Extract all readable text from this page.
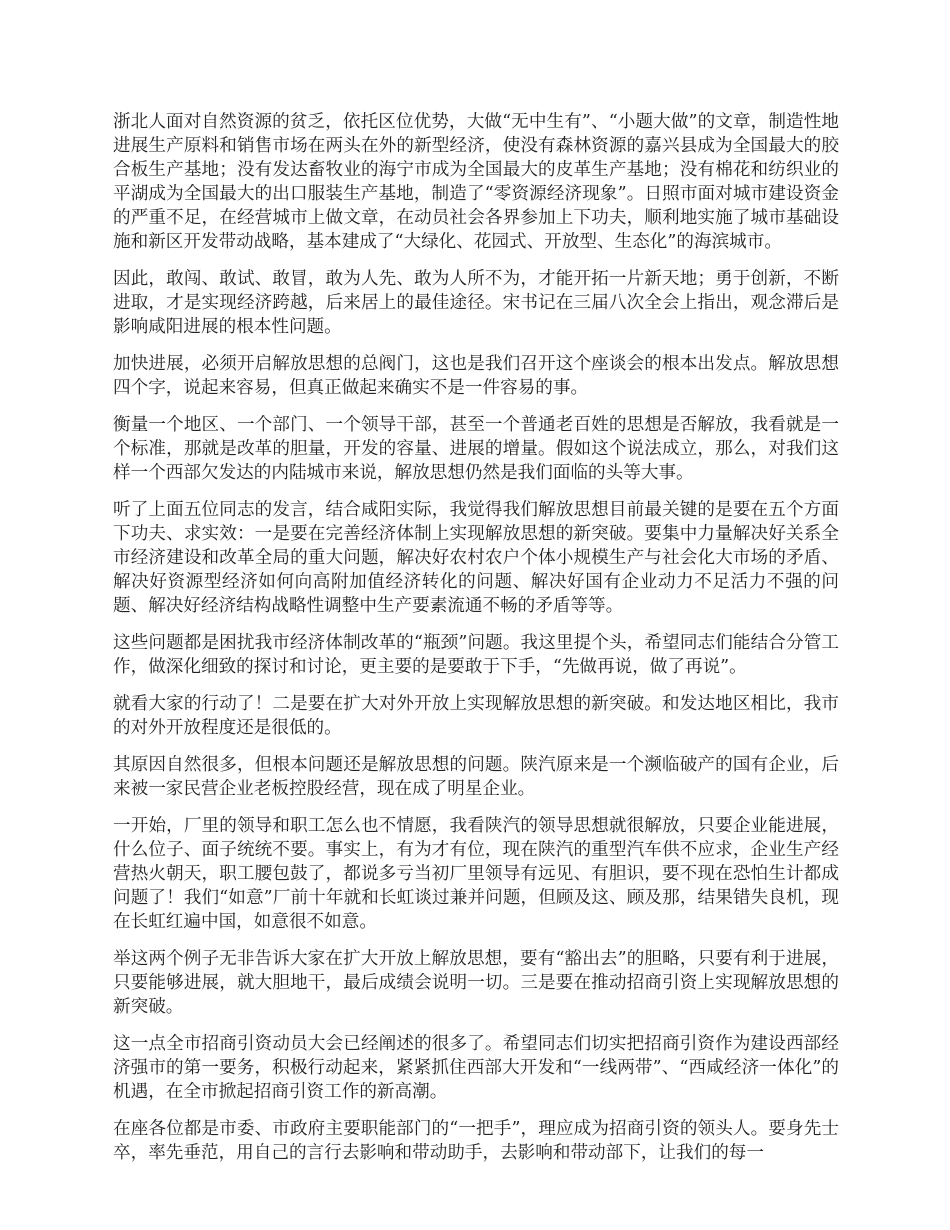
浙北人面对自然资源的贫乏，依托区位优势，大做“无中生有”、“小题大做”的文章，制造性地进展生产原料和销售市场在两头在外的新型经济，使没有森林资源的嘉兴县成为全国最大的胶合板生产基地；没有发达畜牧业的海宁市成为全国最大的皮革生产基地；没有棉花和纺织业的平湖成为全国最大的出口服装生产基地，制造了“零资源经济现象”。日照市面对城市建设资金的严重不足，在经营城市上做文章，在动员社会各界参加上下功夫，顺利地实施了城市基础设施和新区开发带动战略，基本建成了“大绿化、花园式、开放型、生态化”的海滨城市。

因此，敢闯、敢试、敢冒，敢为人先、敢为人所不为，才能开拓一片新天地；勇于创新，不断进取，才是实现经济跨越，后来居上的最佳途径。宋书记在三届八次全会上指出，观念滞后是影响咸阳进展的根本性问题。

加快进展，必须开启解放思想的总阀门，这也是我们召开这个座谈会的根本出发点。解放思想四个字，说起来容易，但真正做起来确实不是一件容易的事。

衡量一个地区、一个部门、一个领导干部，甚至一个普通老百姓的思想是否解放，我看就是一个标准，那就是改革的胆量，开发的容量、进展的增量。假如这个说法成立，那么，对我们这样一个西部欠发达的内陆城市来说，解放思想仍然是我们面临的头等大事。

听了上面五位同志的发言，结合咸阳实际，我觉得我们解放思想目前最关键的是要在五个方面下功夫、求实效：一是要在完善经济体制上实现解放思想的新突破。要集中力量解决好关系全市经济建设和改革全局的重大问题，解决好农村农户个体小规模生产与社会化大市场的矛盾、解决好资源型经济如何向高附加值经济转化的问题、解决好国有企业动力不足活力不强的问题、解决好经济结构战略性调整中生产要素流通不畅的矛盾等等。

这些问题都是困扰我市经济体制改革的“瓶颈”问题。我这里提个头，希望同志们能结合分管工作，做深化细致的探讨和讨论，更主要的是要敢于下手，“先做再说，做了再说”。

就看大家的行动了！二是要在扩大对外开放上实现解放思想的新突破。和发达地区相比，我市的对外开放程度还是很低的。

其原因自然很多，但根本问题还是解放思想的问题。陕汽原来是一个濒临破产的国有企业，后来被一家民营企业老板控股经营，现在成了明星企业。

一开始，厂里的领导和职工怎么也不情愿，我看陕汽的领导思想就很解放，只要企业能进展，什么位子、面子统统不要。事实上，有为才有位，现在陕汽的重型汽车供不应求，企业生产经营热火朝天，职工腰包鼓了，都说多亏当初厂里领导有远见、有胆识，要不现在恐怕生计都成问题了！我们“如意”厂前十年就和长虹谈过兼并问题，但顾及这、顾及那，结果错失良机，现在长虹红遍中国，如意很不如意。

举这两个例子无非告诉大家在扩大开放上解放思想，要有“豁出去”的胆略，只要有利于进展，只要能够进展，就大胆地干，最后成绩会说明一切。三是要在推动招商引资上实现解放思想的新突破。

这一点全市招商引资动员大会已经阐述的很多了。希望同志们切实把招商引资作为建设西部经济强市的第一要务，积极行动起来，紧紧抓住西部大开发和“一线两带”、“西咸经济一体化”的机遇，在全市掀起招商引资工作的新高潮。

在座各位都是市委、市政府主要职能部门的“一把手”，理应成为招商引资的领头人。要身先士卒，率先垂范，用自己的言行去影响和带动助手，去影响和带动部下，让我们的每一
